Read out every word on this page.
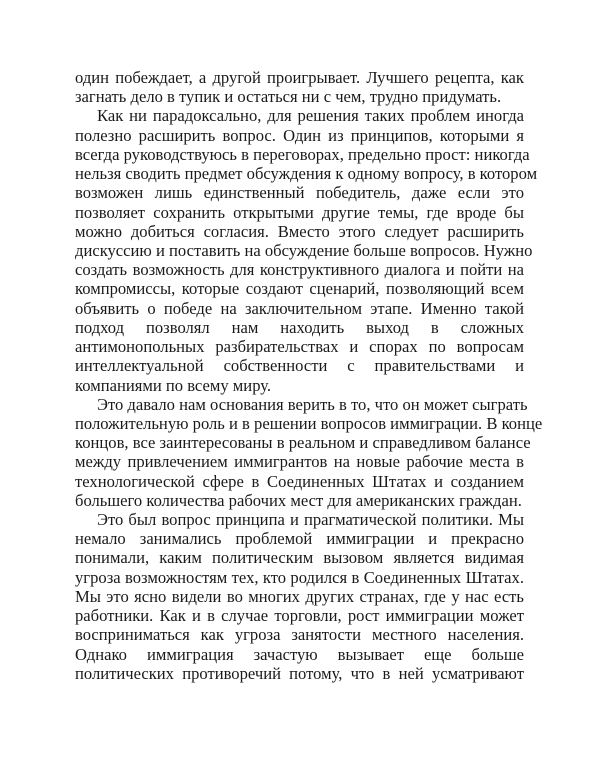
один побеждает, а другой проигрывает. Лучшего рецепта, как
загнать дело в тупик и остаться ни с чем, трудно придумать.
Как ни парадоксально, для решения таких проблем иногда
полезно расширить вопрос. Один из принципов, которыми я
всегда руководствуюсь в переговорах, предельно прост: никогда
нельзя сводить предмет обсуждения к одному вопросу, в котором
возможен лишь единственный победитель, даже если это
позволяет сохранить открытыми другие темы, где вроде бы
можно добиться согласия. Вместо этого следует расширить
дискуссию и поставить на обсуждение больше вопросов. Нужно
создать возможность для конструктивного диалога и пойти на
компромиссы, которые создают сценарий, позволяющий всем
объявить о победе на заключительном этапе. Именно такой
подход позволял нам находить выход в сложных
антимонопольных разбирательствах и спорах по вопросам
интеллектуальной собственности с правительствами и
компаниями по всему миру.
Это давало нам основания верить в то, что он может сыграть
положительную роль и в решении вопросов иммиграции. В конце
концов, все заинтересованы в реальном и справедливом балансе
между привлечением иммигрантов на новые рабочие места в
технологической сфере в Соединенных Штатах и созданием
большего количества рабочих мест для американских граждан.
Это был вопрос принципа и прагматической политики. Мы
немало занимались проблемой иммиграции и прекрасно
понимали, каким политическим вызовом является видимая
угроза возможностям тех, кто родился в Соединенных Штатах.
Мы это ясно видели во многих других странах, где у нас есть
работники. Как и в случае торговли, рост иммиграции может
восприниматься как угроза занятости местного населения.
Однако иммиграция зачастую вызывает еще больше
политических противоречий потому, что в ней усматривают
